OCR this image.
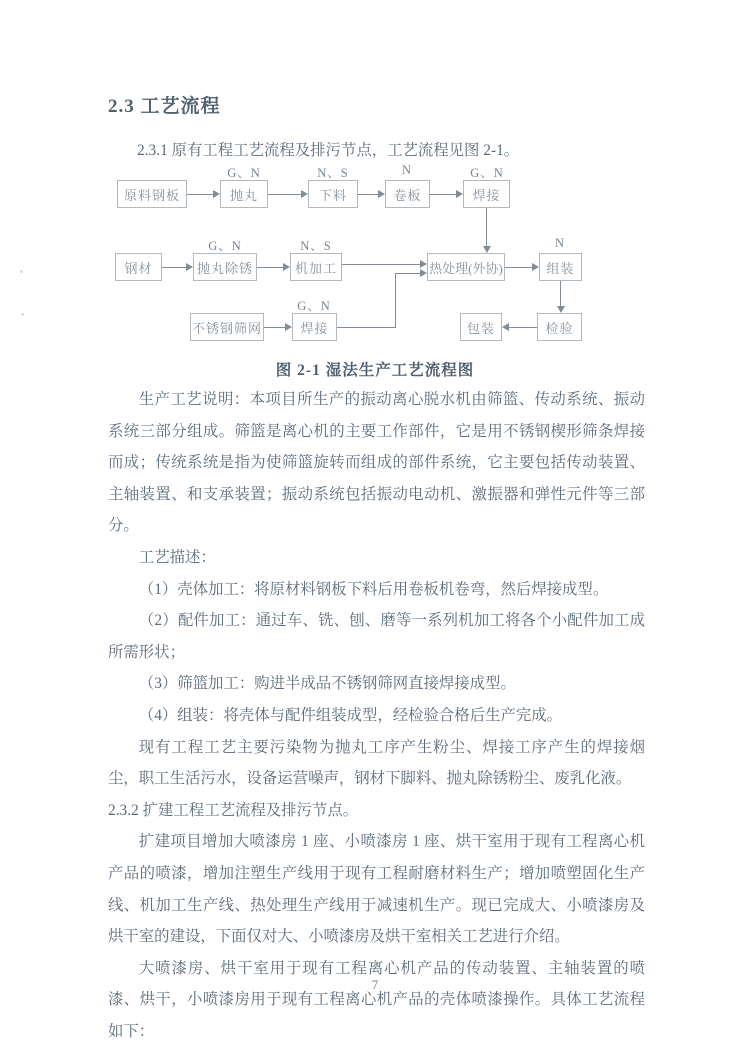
2.3 工艺流程
2.3.1 原有工程工艺流程及排污节点，工艺流程见图 2-1。
G、N	N、S	N	G、N
原料钢板	抛丸	下料	卷板	焊接
G、N	N、S	N
钢材	抛丸除锈	机加工	热处理(外协)	组装
G、N
不锈钢筛网	焊接	包装	检验
图 2-1 湿法生产工艺流程图

生产工艺说明：本项目所生产的振动离心脱水机由筛篮、传动系统、振动系统三部分组成。筛篮是离心机的主要工作部件，它是用不锈钢楔形筛条焊接而成；传统系统是指为使筛篮旋转而组成的部件系统，它主要包括传动装置、主轴装置、和支承装置；振动系统包括振动电动机、激振器和弹性元件等三部分。

工艺描述：

（1）壳体加工：将原材料钢板下料后用卷板机卷弯，然后焊接成型。

（2）配件加工：通过车、铣、刨、磨等一系列机加工将各个小配件加工成所需形状；

（3）筛篮加工：购进半成品不锈钢筛网直接焊接成型。

（4）组装：将壳体与配件组装成型，经检验合格后生产完成。

现有工程工艺主要污染物为抛丸工序产生粉尘、焊接工序产生的焊接烟尘，职工生活污水，设备运营噪声，钢材下脚料、抛丸除锈粉尘、废乳化液。

2.3.2 扩建工程工艺流程及排污节点。

扩建项目增加大喷漆房 1 座、小喷漆房 1 座、烘干室用于现有工程离心机产品的喷漆，增加注塑生产线用于现有工程耐磨材料生产；增加喷塑固化生产线、机加工生产线、热处理生产线用于减速机生产。现已完成大、小喷漆房及烘干室的建设，下面仅对大、小喷漆房及烘干室相关工艺进行介绍。

大喷漆房、烘干室用于现有工程离心机产品的传动装置、主轴装置的喷漆、烘干，小喷漆房用于现有工程离心机产品的壳体喷漆操作。具体工艺流程如下：

7
